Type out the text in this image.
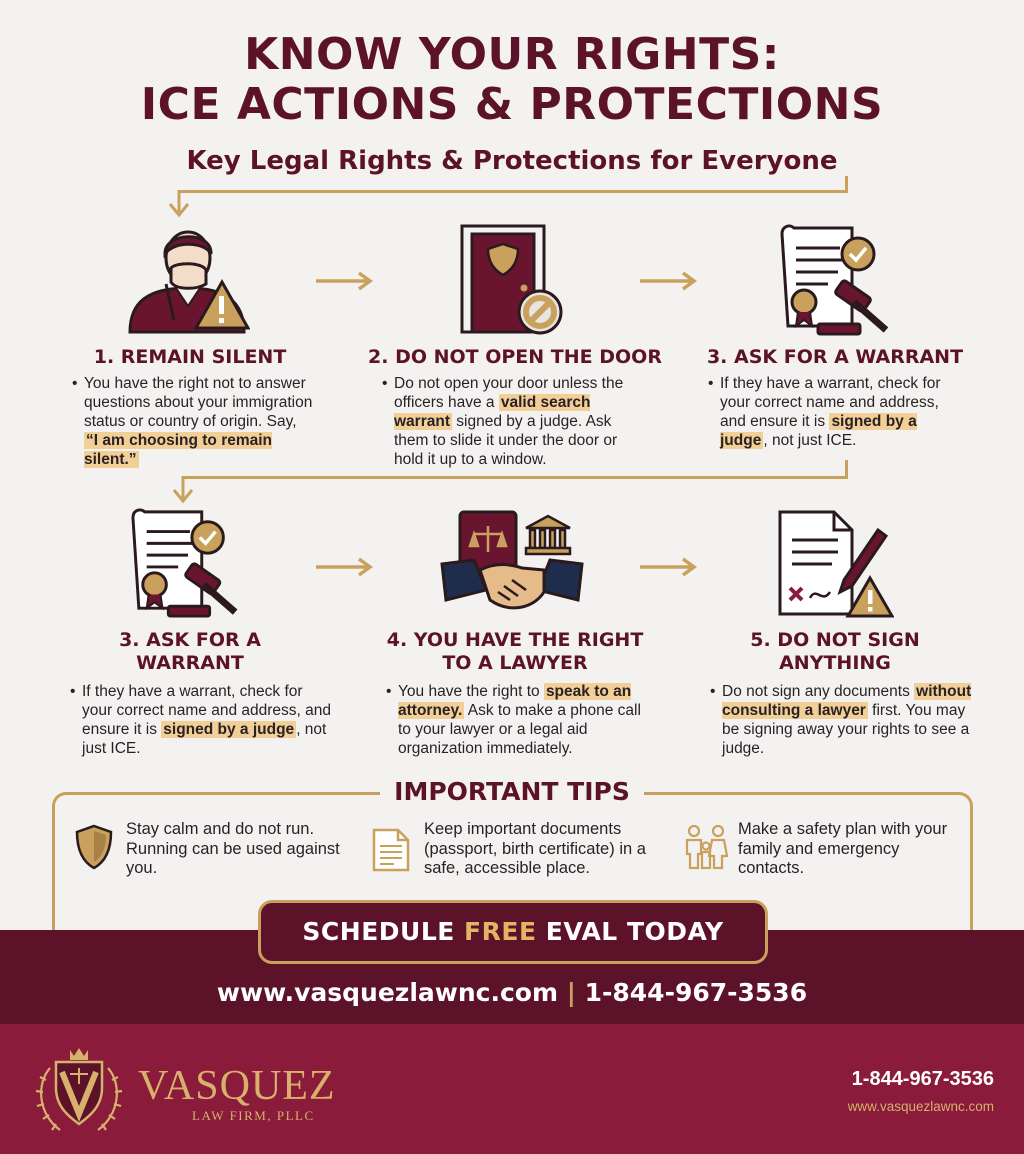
KNOW YOUR RIGHTS:
ICE ACTIONS & PROTECTIONS
Key Legal Rights & Protections for Everyone
1. REMAIN SILENT	2. DO NOT OPEN THE DOOR	3. ASK FOR A WARRANT
3. ASK FOR A
WARRANT
4. YOU HAVE THE RIGHT
TO A LAWYER
5. DO NOT SIGN
ANYTHING
• You have the right not to answer questions about your immigration status or country of origin. Say, “I am choosing to remain silent.”
• Do not open your door unless the officers have a valid search warrant signed by a judge. Ask them to slide it under the door or hold it up to a window.
• If they have a warrant, check for your correct name and address, and ensure it is signed by a judge , not just ICE.
• If they have a warrant, check for your correct name and address, and ensure it is signed by a judge , not just ICE.
• You have the right to speak to an attorney. Ask to make a phone call to your lawyer or a legal aid organization immediately.
• Do not sign any documents without consulting a lawyer first. You may be signing away your rights to see a judge.
IMPORTANT TIPS
Stay calm and do not run. Running can be used against you.
Keep important documents (passport, birth certificate) in a safe, accessible place.
Make a safety plan with your family and emergency contacts.
SCHEDULE FREE EVAL TODAY
www.vasquezlawnc.com | 1-844-967-3536
VASQUEZ
LAW FIRM, PLLC
1-844-967-3536
www.vasquezlawnc.com
